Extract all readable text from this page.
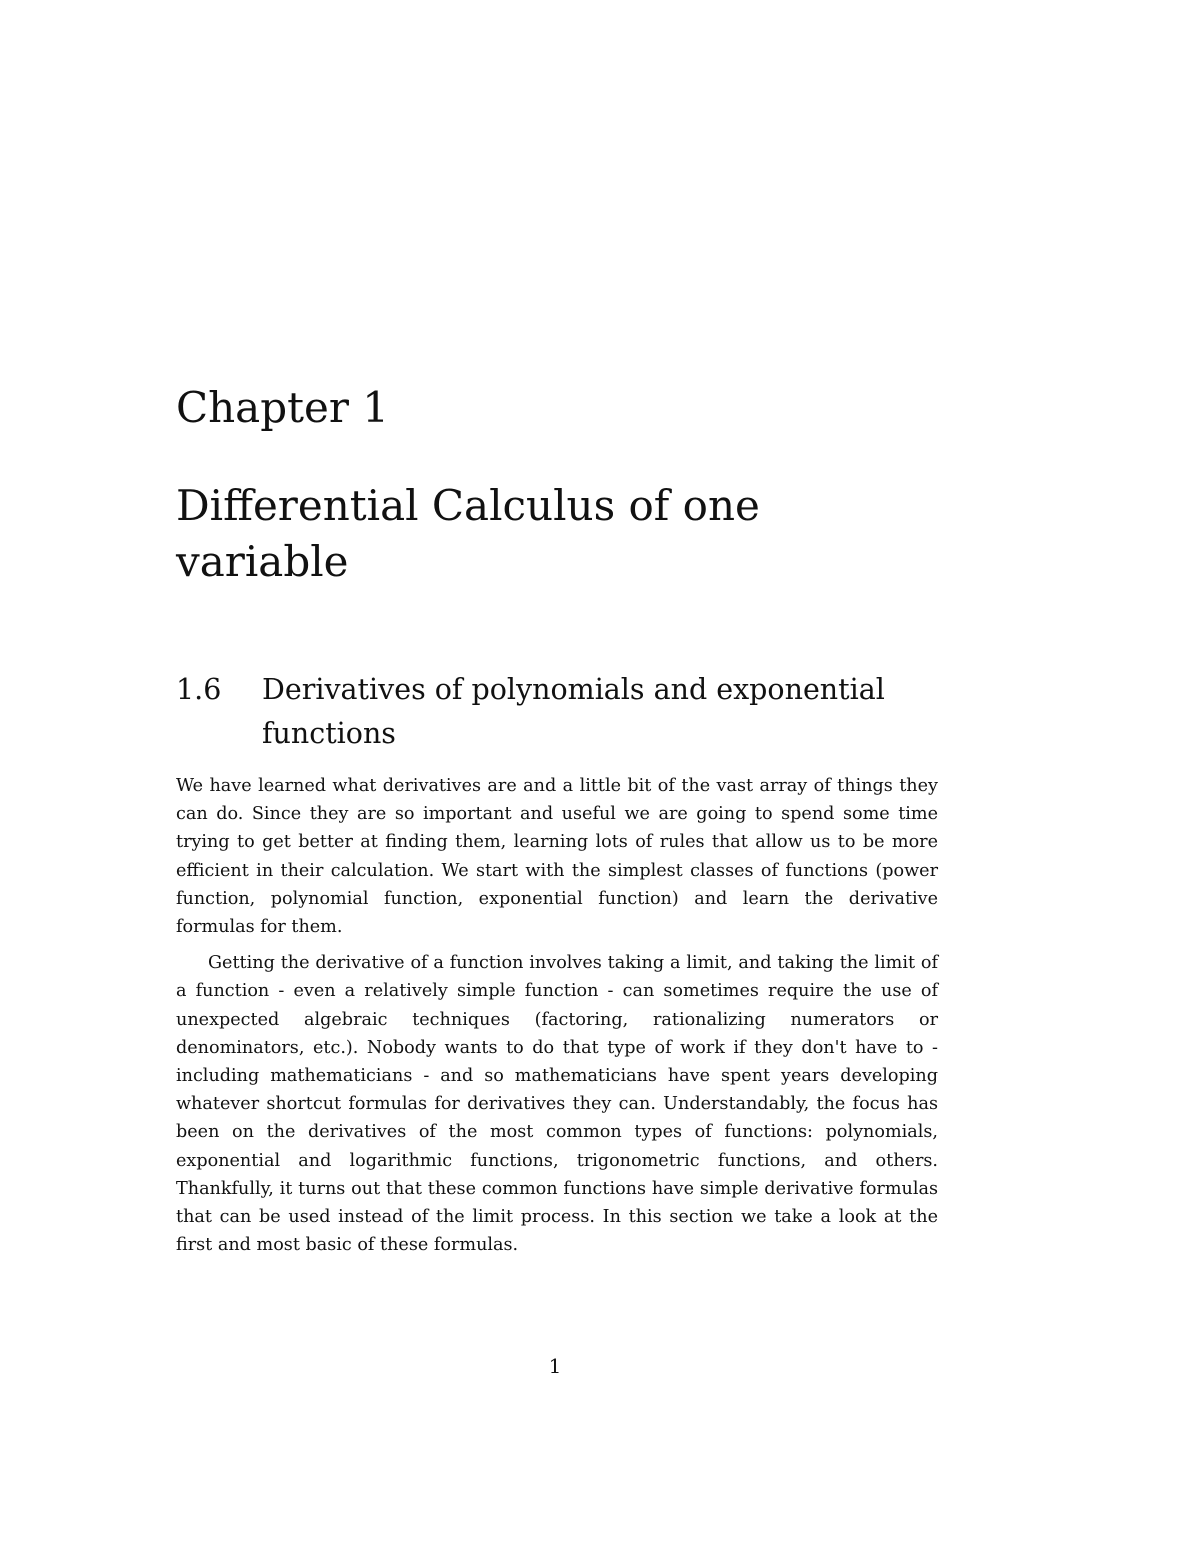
Chapter 1
Differential Calculus of one variable
1.6	Derivatives of polynomials and exponential functions

We have learned what derivatives are and a little bit of the vast array of things they can do. Since they are so important and useful we are going to spend some time trying to get better at finding them, learning lots of rules that allow us to be more efficient in their calculation. We start with the simplest classes of functions (power function, polynomial function, exponential function) and learn the derivative formulas for them.

Getting the derivative of a function involves taking a limit, and taking the limit of a function - even a relatively simple function - can sometimes require the use of unexpected algebraic techniques (factoring, rationalizing numerators or denominators, etc.). Nobody wants to do that type of work if they don't have to - including mathematicians - and so mathematicians have spent years developing whatever shortcut formulas for derivatives they can. Understandably, the focus has been on the derivatives of the most common types of functions: polynomials, exponential and logarithmic functions, trigonometric functions, and others. Thankfully, it turns out that these common functions have simple derivative formulas that can be used instead of the limit process. In this section we take a look at the first and most basic of these formulas.

1
